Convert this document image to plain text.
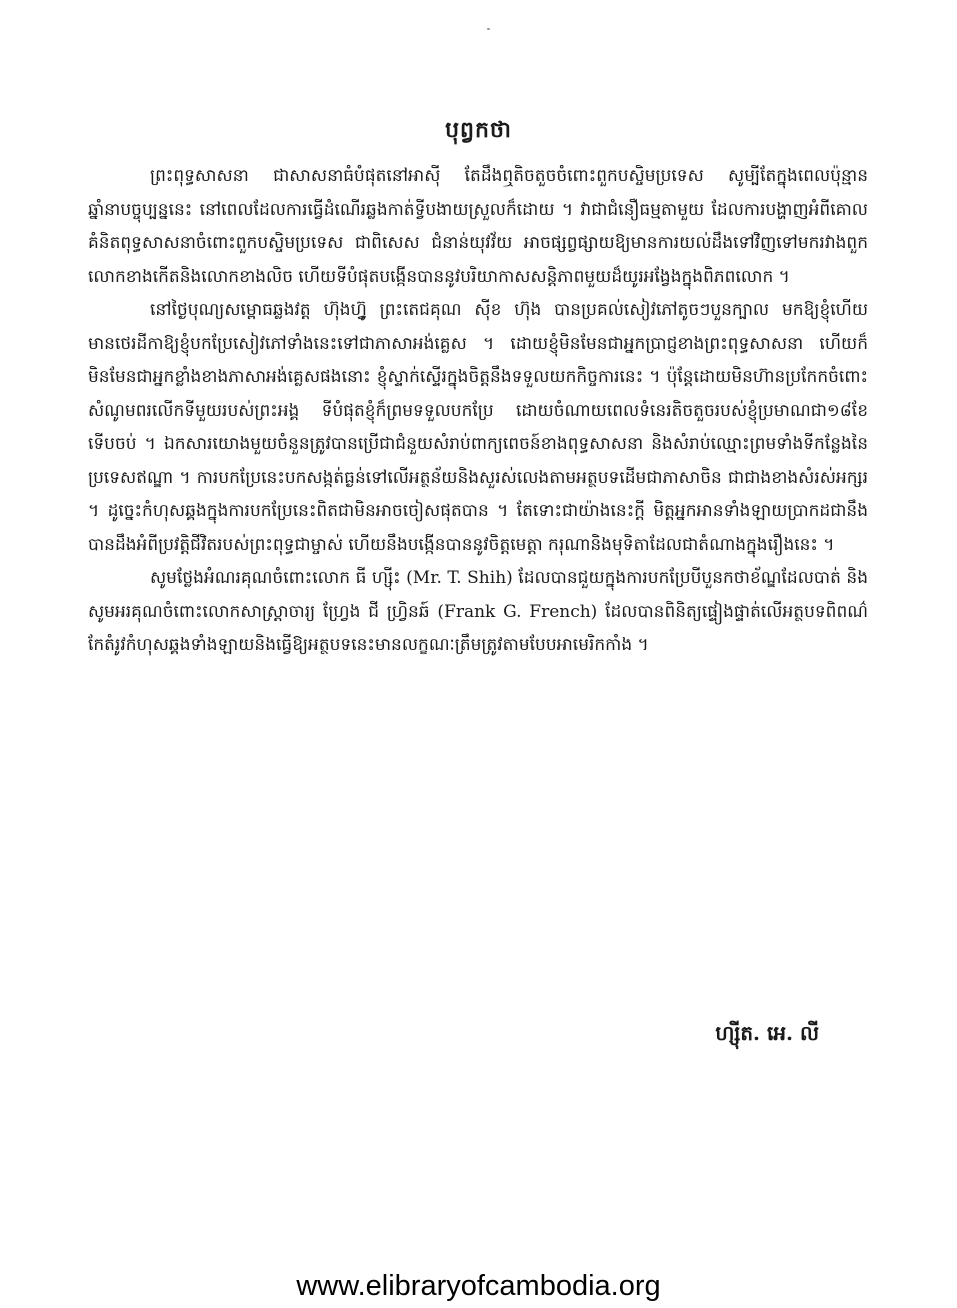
បុព្វកថា

ព្រះពុទ្ធសាសនា ជាសាសនាធំបំផុតនៅអាស៊ី តែដឹងឮតិចតួចចំពោះពួកបស្ចិមប្រទេស សូម្បីតែក្នុងពេលប៉ុន្មានឆ្នាំនាបច្ចុប្បន្ននេះ នៅពេលដែលការធ្វើដំណើរឆ្លងកាត់ទ្វីបងាយស្រួលក៏ដោយ ។ វាជាជំនឿធម្មតាមួយ ដែលការបង្ហាញអំពីគោលគំនិតពុទ្ធសាសនាចំពោះពួកបស្ចិមប្រទេស ជាពិសេស ជំនាន់យុវវ័យ អាចផ្សព្វផ្សាយឱ្យមានការយល់ដឹងទៅវិញទៅមករវាងពួកលោកខាងកើតនិងលោកខាងលិច ហើយទីបំផុតបង្កើនបាននូវបរិយាកាសសន្តិភាពមួយដ៏យូរអង្វែងក្នុងពិភពលោក ។

នៅថ្ងៃបុណ្យសម្ពោធឆ្លងវត្ត ហ៊ុងហ្វ៊ូ ព្រះតេជគុណ ស៊ីខ ហ៊ុង បានប្រគល់សៀវភៅតូចៗបួនក្បាល មកឱ្យខ្ញុំហើយមានថេរដីកាឱ្យខ្ញុំបកប្រែសៀវភៅទាំងនេះទៅជាភាសាអង់គ្លេស ។ ដោយខ្ញុំមិនមែនជាអ្នកប្រាជ្ញខាងព្រះពុទ្ធសាសនា ហើយក៏មិនមែនជាអ្នកខ្លាំងខាងភាសាអង់គ្លេសផងនោះ ខ្ញុំស្ទាក់ស្ទើរក្នុងចិត្តនឹងទទួលយកកិច្ចការនេះ ។ ប៉ុន្តែដោយមិនហ៊ានប្រកែកចំពោះសំណូមពរលើកទីមួយរបស់ព្រះអង្គ ទីបំផុតខ្ញុំក៏ព្រមទទួលបកប្រែ ដោយចំណាយពេលទំនេរតិចតួចរបស់ខ្ញុំប្រមាណជា១៨ខែទើបចប់ ។ ឯកសារយោងមួយចំនួនត្រូវបានប្រើជាជំនួយសំរាប់ពាក្យពេចន៍ខាងពុទ្ធសាសនា និងសំរាប់ឈ្មោះព្រមទាំងទីកន្លែងនៃប្រទេសឥណ្ឌា ។ ការបកប្រែនេះបកសង្កត់ធ្ងន់ទៅលើអត្ថន័យនិងសួរស់លេងតាមអត្ថបទដើមជាភាសាចិន ជាជាងខាងសំរស់អក្សរ ។ ដូច្នេះកំហុសឆ្គងក្នុងការបកប្រែនេះពិតជាមិនអាចចៀសផុតបាន ។ តែទោះជាយ៉ាងនេះក្តី មិត្តអ្នកអានទាំងឡាយប្រាកដជានឹងបានដឹងអំពីប្រវត្តិជីវិតរបស់ព្រះពុទ្ធជាម្ចាស់ ហើយនឹងបង្កើនបាននូវចិត្តមេត្តា ករុណានិងមុទិតាដែលជាតំណាងក្នុងរឿងនេះ ។

សូមថ្លែងអំណរគុណចំពោះលោក ធី ហ្ស៊ីះ (Mr. T. Shih) ដែលបានជួយក្នុងការបកប្រែបីបួនកថាខ័ណ្ឌដែលបាត់ និងសូមអរគុណចំពោះលោកសាស្ត្រាចារ្យ ហ្វ្រែង ជី ហ្វ្រិនឆ៍ (Frank G. French) ដែលបានពិនិត្យផ្ទៀងផ្ទាត់លើអត្ថបទពិពណ៌ កែតំរូវកំហុសឆ្គងទាំងឡាយនិងធ្វើឱ្យអត្ថបទនេះមានលក្ខណៈត្រឹមត្រូវតាមបែបអាមេរិកកាំង ។

ហ្ស៊ីត. អេ. លី
www.elibraryofcambodia.org
